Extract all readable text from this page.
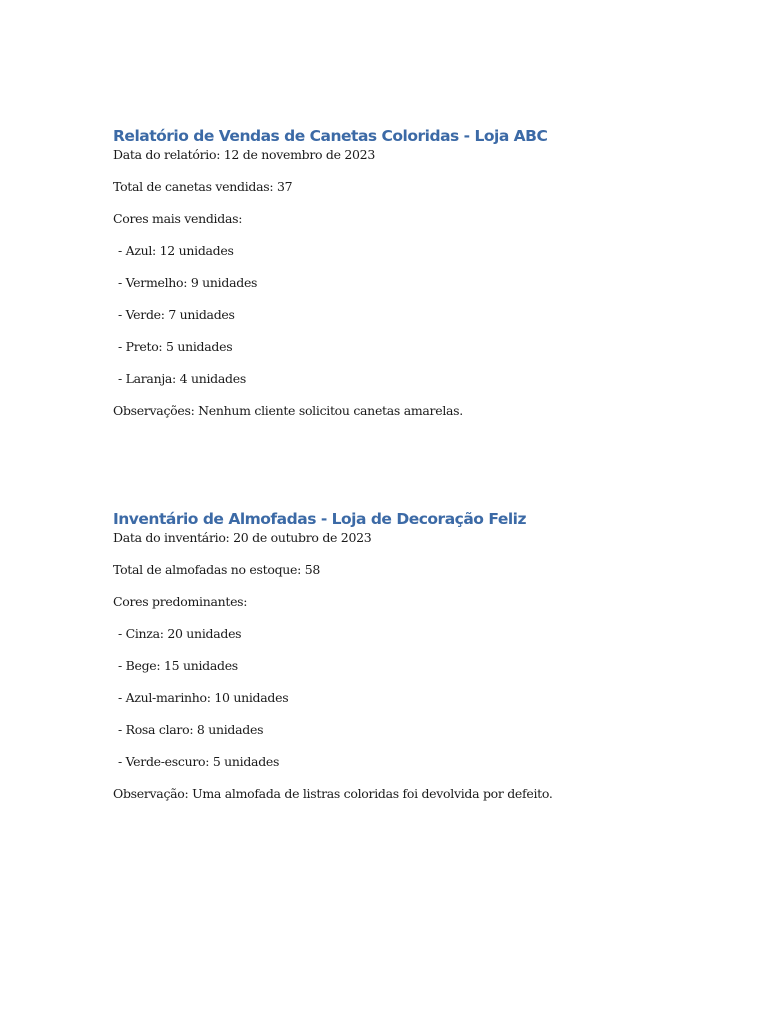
Relatório de Vendas de Canetas Coloridas - Loja ABC

Data do relatório: 12 de novembro de 2023

Total de canetas vendidas: 37

Cores mais vendidas:

- Azul: 12 unidades

- Vermelho: 9 unidades

- Verde: 7 unidades

- Preto: 5 unidades

- Laranja: 4 unidades

Observações: Nenhum cliente solicitou canetas amarelas.

Inventário de Almofadas - Loja de Decoração Feliz

Data do inventário: 20 de outubro de 2023

Total de almofadas no estoque: 58

Cores predominantes:

- Cinza: 20 unidades

- Bege: 15 unidades

- Azul-marinho: 10 unidades

- Rosa claro: 8 unidades

- Verde-escuro: 5 unidades

Observação: Uma almofada de listras coloridas foi devolvida por defeito.
